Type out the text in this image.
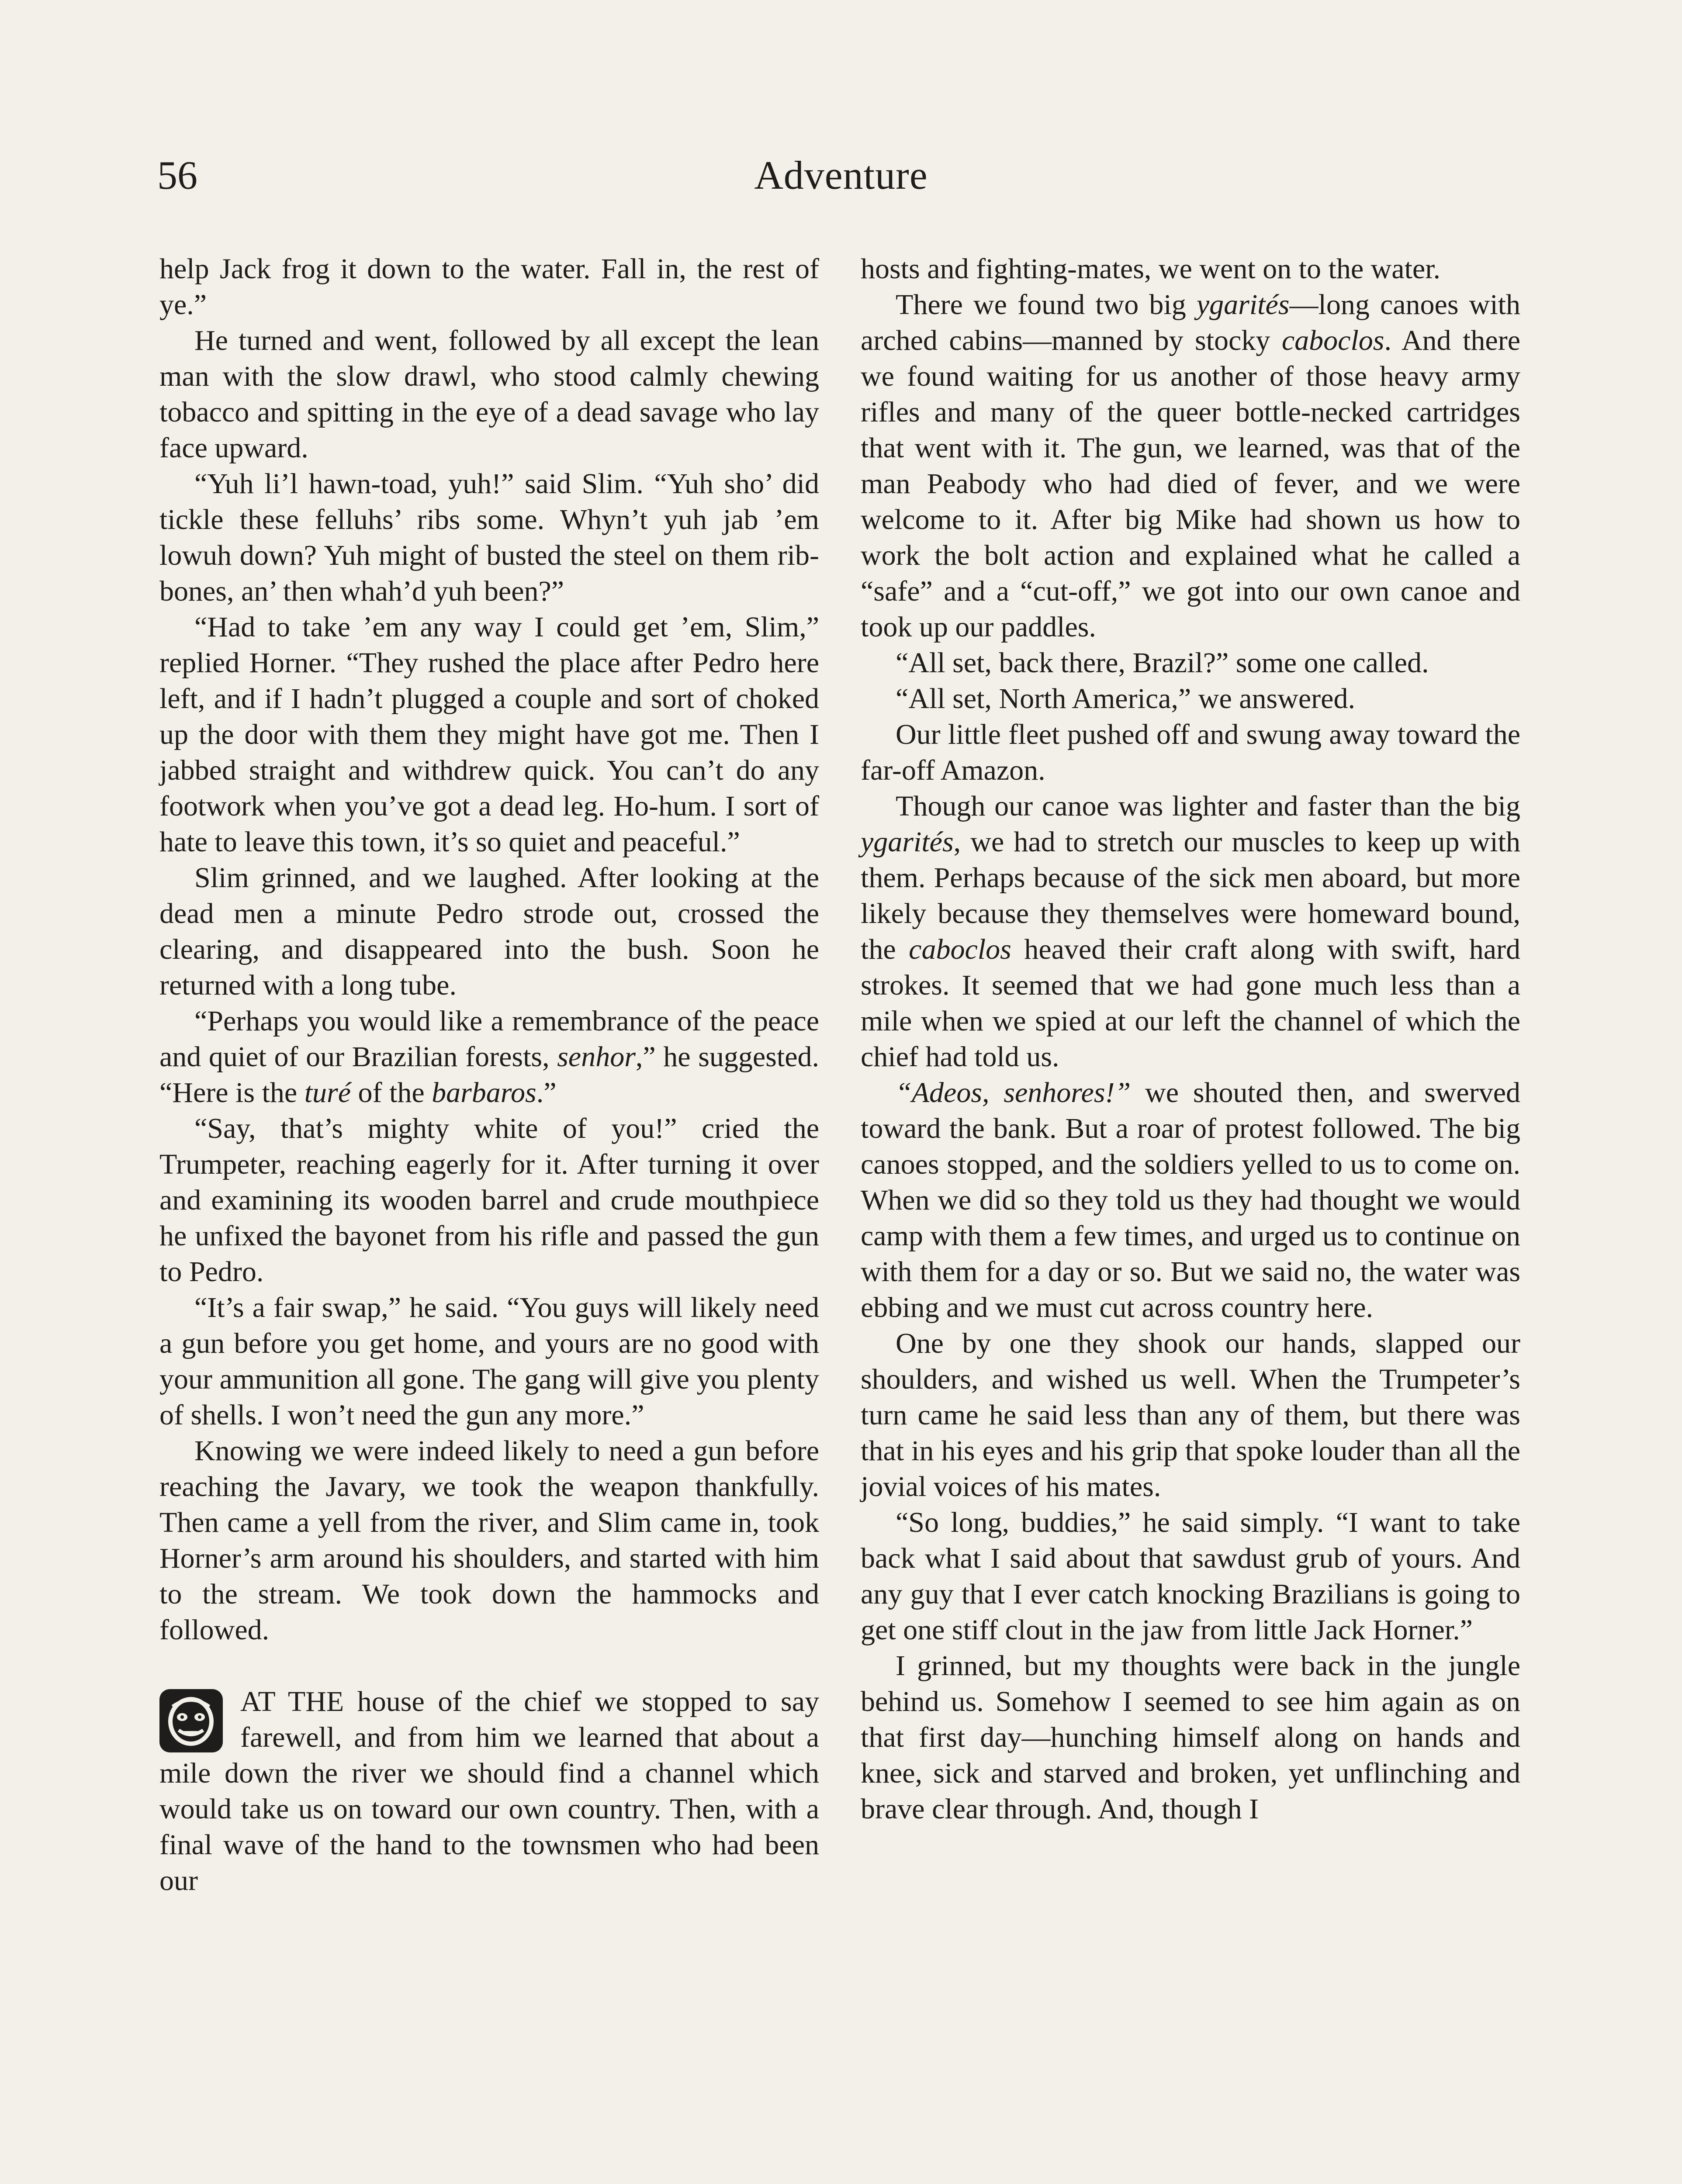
56	Adventure

help Jack frog it down to the water. Fall in, the rest of ye.”

He turned and went, followed by all except the lean man with the slow drawl, who stood calmly chewing tobacco and spitting in the eye of a dead savage who lay face upward.

“Yuh li’l hawn-toad, yuh!” said Slim. “Yuh sho’ did tickle these felluhs’ ribs some. Whyn’t yuh jab ’em lowuh down? Yuh might of busted the steel on them rib-bones, an’ then whah’d yuh been?”

“Had to take ’em any way I could get ’em, Slim,” replied Horner. “They rushed the place after Pedro here left, and if I hadn’t plugged a couple and sort of choked up the door with them they might have got me. Then I jabbed straight and withdrew quick. You can’t do any footwork when you’ve got a dead leg. Ho-hum. I sort of hate to leave this town, it’s so quiet and peaceful.”

Slim grinned, and we laughed. After looking at the dead men a minute Pedro strode out, crossed the clearing, and disappeared into the bush. Soon he returned with a long tube.

“Perhaps you would like a remembrance of the peace and quiet of our Brazilian forests, senhor,” he suggested. “Here is the turé of the barbaros.”

“Say, that’s mighty white of you!” cried the Trumpeter, reaching eagerly for it. After turning it over and examining its wooden barrel and crude mouthpiece he unfixed the bayonet from his rifle and passed the gun to Pedro.

“It’s a fair swap,” he said. “You guys will likely need a gun before you get home, and yours are no good with your ammunition all gone. The gang will give you plenty of shells. I won’t need the gun any more.”

Knowing we were indeed likely to need a gun before reaching the Javary, we took the weapon thankfully. Then came a yell from the river, and Slim came in, took Horner’s arm around his shoulders, and started with him to the stream. We took down the hammocks and followed.

AT THE house of the chief we stopped to say farewell, and from him we learned that about a mile down the river we should find a channel which would take us on toward our own country. Then, with a final wave of the hand to the townsmen who had been our

hosts and fighting-mates, we went on to the water.

There we found two big ygarités—long canoes with arched cabins—manned by stocky caboclos. And there we found waiting for us another of those heavy army rifles and many of the queer bottle-necked cartridges that went with it. The gun, we learned, was that of the man Peabody who had died of fever, and we were welcome to it. After big Mike had shown us how to work the bolt action and explained what he called a “safe” and a “cut-off,” we got into our own canoe and took up our paddles.

“All set, back there, Brazil?” some one called.

“All set, North America,” we answered.

Our little fleet pushed off and swung away toward the far-off Amazon.

Though our canoe was lighter and faster than the big ygarités, we had to stretch our muscles to keep up with them. Perhaps because of the sick men aboard, but more likely because they themselves were homeward bound, the caboclos heaved their craft along with swift, hard strokes. It seemed that we had gone much less than a mile when we spied at our left the channel of which the chief had told us.

“Adeos, senhores!” we shouted then, and swerved toward the bank. But a roar of protest followed. The big canoes stopped, and the soldiers yelled to us to come on. When we did so they told us they had thought we would camp with them a few times, and urged us to continue on with them for a day or so. But we said no, the water was ebbing and we must cut across country here.

One by one they shook our hands, slapped our shoulders, and wished us well. When the Trumpeter’s turn came he said less than any of them, but there was that in his eyes and his grip that spoke louder than all the jovial voices of his mates.

“So long, buddies,” he said simply. “I want to take back what I said about that sawdust grub of yours. And any guy that I ever catch knocking Brazilians is going to get one stiff clout in the jaw from little Jack Horner.”

I grinned, but my thoughts were back in the jungle behind us. Somehow I seemed to see him again as on that first day—hunching himself along on hands and knee, sick and starved and broken, yet unflinching and brave clear through. And, though I
